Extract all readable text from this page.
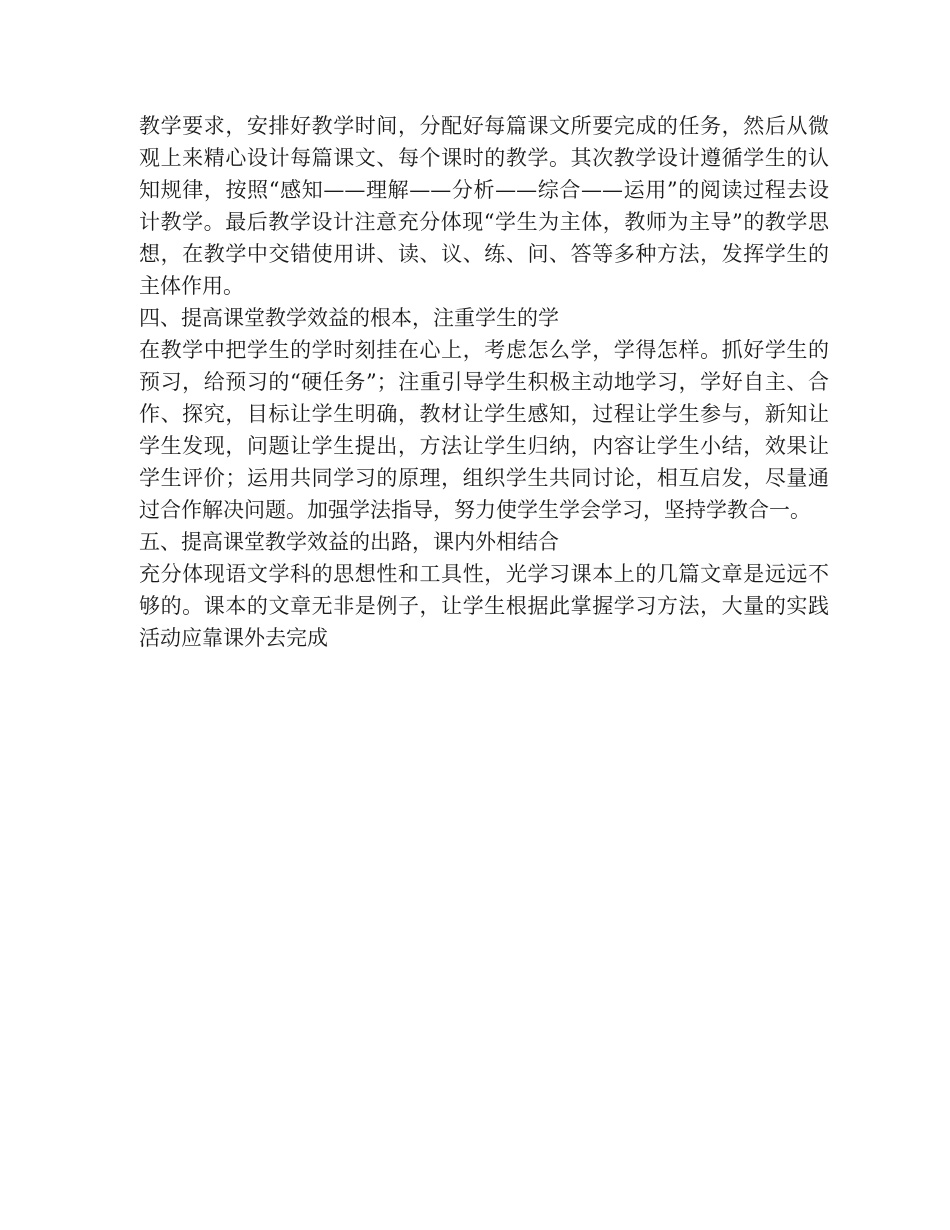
教学要求，安排好教学时间，分配好每篇课文所要完成的任务，然后从微观上来精心设计每篇课文、每个课时的教学。其次教学设计遵循学生的认知规律，按照“感知——理解——分析——综合——运用”的阅读过程去设计教学。最后教学设计注意充分体现“学生为主体，教师为主导”的教学思想，在教学中交错使用讲、读、议、练、问、答等多种方法，发挥学生的主体作用。

四、提高课堂教学效益的根本，注重学生的学

在教学中把学生的学时刻挂在心上，考虑怎么学，学得怎样。抓好学生的预习，给预习的“硬任务”；注重引导学生积极主动地学习，学好自主、合作、探究，目标让学生明确，教材让学生感知，过程让学生参与，新知让学生发现，问题让学生提出，方法让学生归纳，内容让学生小结，效果让学生评价；运用共同学习的原理，组织学生共同讨论，相互启发，尽量通过合作解决问题。加强学法指导，努力使学生学会学习，坚持学教合一。

五、提高课堂教学效益的出路，课内外相结合

充分体现语文学科的思想性和工具性，光学习课本上的几篇文章是远远不够的。课本的文章无非是例子，让学生根据此掌握学习方法，大量的实践活动应靠课外去完成
